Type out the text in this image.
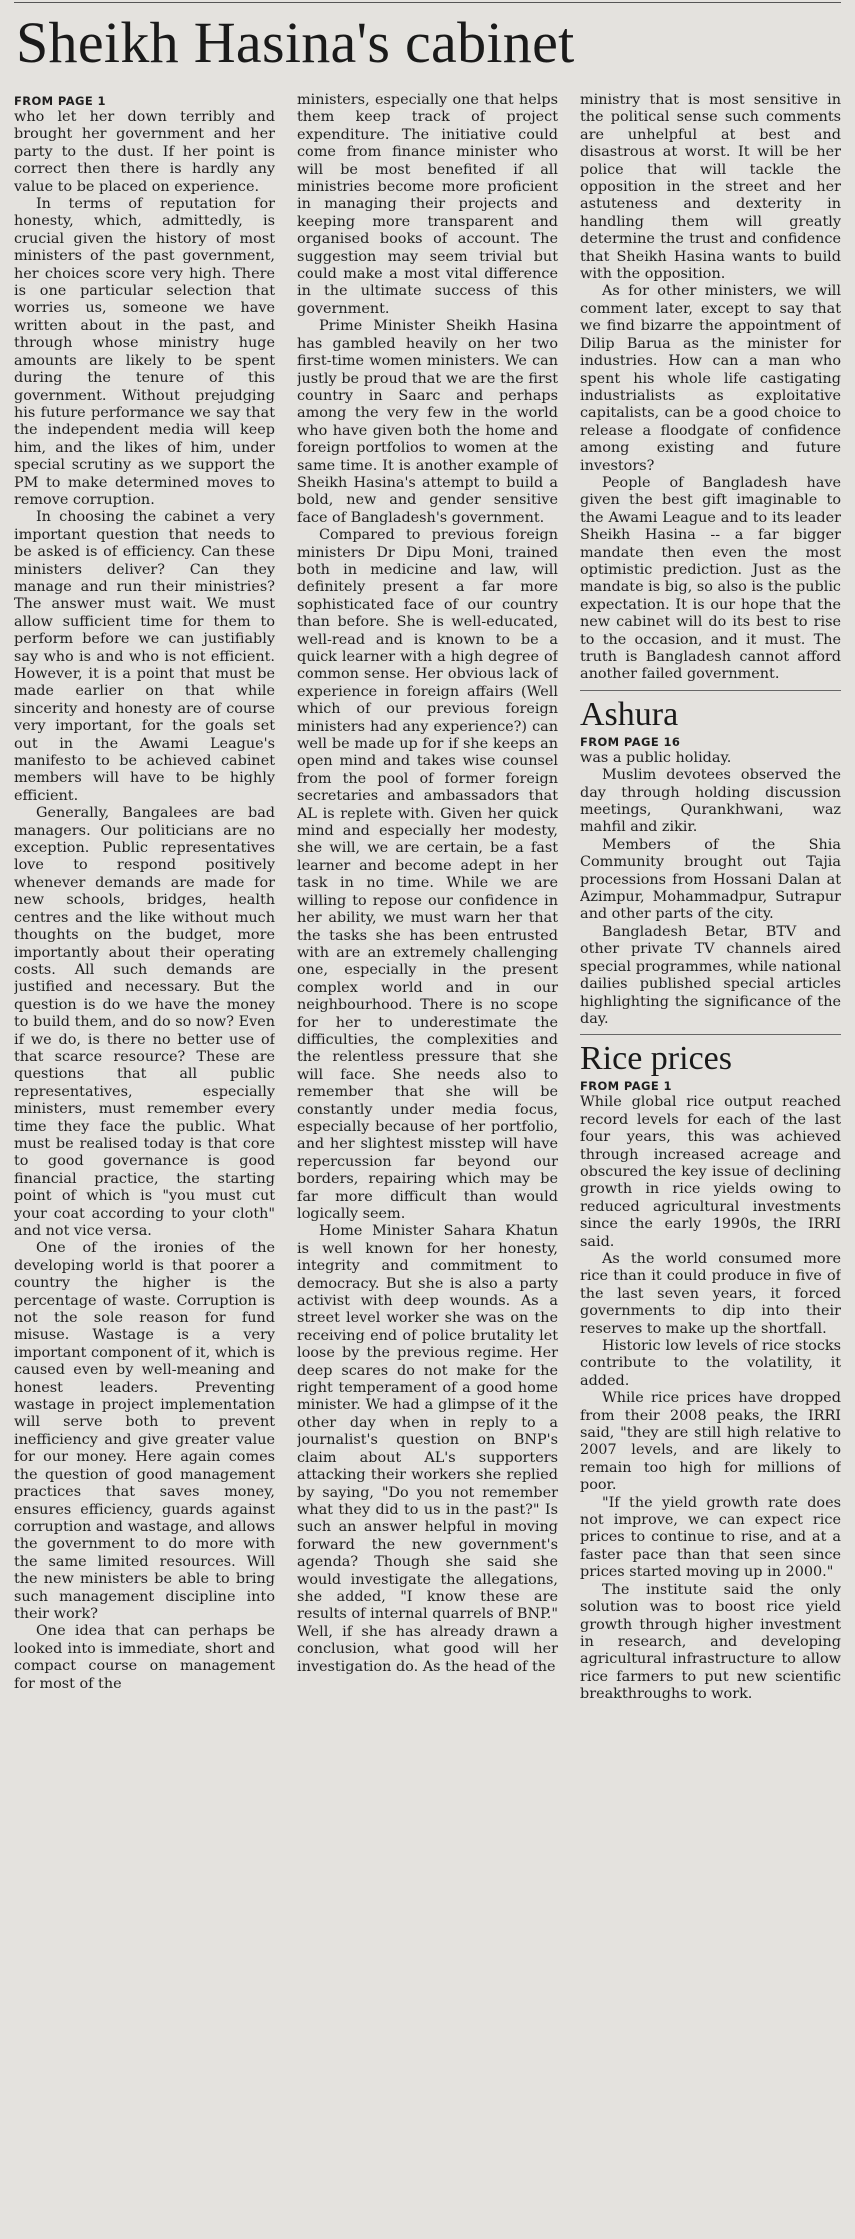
Sheikh Hasina's cabinet
FROM PAGE 1

who let her down terribly and brought her government and her party to the dust. If her point is correct then there is hardly any value to be placed on experience.

In terms of reputation for honesty, which, admittedly, is crucial given the history of most ministers of the past government, her choices score very high. There is one particular selection that worries us, someone we have written about in the past, and through whose ministry huge amounts are likely to be spent during the tenure of this government. Without prejudging his future performance we say that the independent media will keep him, and the likes of him, under special scrutiny as we support the PM to make determined moves to remove corruption.

In choosing the cabinet a very important question that needs to be asked is of efficiency. Can these ministers deliver? Can they manage and run their ministries? The answer must wait. We must allow sufficient time for them to perform before we can justifiably say who is and who is not efficient. However, it is a point that must be made earlier on that while sincerity and honesty are of course very important, for the goals set out in the Awami League's manifesto to be achieved cabinet members will have to be highly efficient.

Generally, Bangalees are bad managers. Our politicians are no exception. Public representatives love to respond positively whenever demands are made for new schools, bridges, health centres and the like without much thoughts on the budget, more importantly about their operating costs. All such demands are justified and necessary. But the question is do we have the money to build them, and do so now? Even if we do, is there no better use of that scarce resource? These are questions that all public representatives, especially ministers, must remember every time they face the public. What must be realised today is that core to good governance is good financial practice, the starting point of which is "you must cut your coat according to your cloth" and not vice versa.

One of the ironies of the developing world is that poorer a country the higher is the percentage of waste. Corruption is not the sole reason for fund misuse. Wastage is a very important component of it, which is caused even by well-meaning and honest leaders. Preventing wastage in project implementation will serve both to prevent inefficiency and give greater value for our money. Here again comes the question of good management practices that saves money, ensures efficiency, guards against corruption and wastage, and allows the government to do more with the same limited resources. Will the new ministers be able to bring such management discipline into their work?

One idea that can perhaps be looked into is immediate, short and compact course on management for most of the

ministers, especially one that helps them keep track of project expenditure. The initiative could come from finance minister who will be most benefited if all ministries become more proficient in managing their projects and keeping more transparent and organised books of account. The suggestion may seem trivial but could make a most vital difference in the ultimate success of this government.

Prime Minister Sheikh Hasina has gambled heavily on her two first-time women ministers. We can justly be proud that we are the first country in Saarc and perhaps among the very few in the world who have given both the home and foreign portfolios to women at the same time. It is another example of Sheikh Hasina's attempt to build a bold, new and gender sensitive face of Bangladesh's government.

Compared to previous foreign ministers Dr Dipu Moni, trained both in medicine and law, will definitely present a far more sophisticated face of our country than before. She is well-educated, well-read and is known to be a quick learner with a high degree of common sense. Her obvious lack of experience in foreign affairs (Well which of our previous foreign ministers had any experience?) can well be made up for if she keeps an open mind and takes wise counsel from the pool of former foreign secretaries and ambassadors that AL is replete with. Given her quick mind and especially her modesty, she will, we are certain, be a fast learner and become adept in her task in no time. While we are willing to repose our confidence in her ability, we must warn her that the tasks she has been entrusted with are an extremely challenging one, especially in the present complex world and in our neighbourhood. There is no scope for her to underestimate the difficulties, the complexities and the relentless pressure that she will face. She needs also to remember that she will be constantly under media focus, especially because of her portfolio, and her slightest misstep will have repercussion far beyond our borders, repairing which may be far more difficult than would logically seem.

Home Minister Sahara Khatun is well known for her honesty, integrity and commitment to democracy. But she is also a party activist with deep wounds. As a street level worker she was on the receiving end of police brutality let loose by the previous regime. Her deep scares do not make for the right temperament of a good home minister. We had a glimpse of it the other day when in reply to a journalist's question on BNP's claim about AL's supporters attacking their workers she replied by saying, "Do you not remember what they did to us in the past?" Is such an answer helpful in moving forward the new government's agenda? Though she said she would investigate the allegations, she added, "I know these are results of internal quarrels of BNP." Well, if she has already drawn a conclusion, what good will her investigation do. As the head of the

ministry that is most sensitive in the political sense such comments are unhelpful at best and disastrous at worst. It will be her police that will tackle the opposition in the street and her astuteness and dexterity in handling them will greatly determine the trust and confidence that Sheikh Hasina wants to build with the opposition.

As for other ministers, we will comment later, except to say that we find bizarre the appointment of Dilip Barua as the minister for industries. How can a man who spent his whole life castigating industrialists as exploitative capitalists, can be a good choice to release a floodgate of confidence among existing and future investors?

People of Bangladesh have given the best gift imaginable to the Awami League and to its leader Sheikh Hasina -- a far bigger mandate then even the most optimistic prediction. Just as the mandate is big, so also is the public expectation. It is our hope that the new cabinet will do its best to rise to the occasion, and it must. The truth is Bangladesh cannot afford another failed government.

Ashura
FROM PAGE 16

was a public holiday.

Muslim devotees observed the day through holding discussion meetings, Qurankhwani, waz mahfil and zikir.

Members of the Shia Community brought out Tajia processions from Hossani Dalan at Azimpur, Mohammadpur, Sutrapur and other parts of the city.

Bangladesh Betar, BTV and other private TV channels aired special programmes, while national dailies published special articles highlighting the significance of the day.

Rice prices
FROM PAGE 1

While global rice output reached record levels for each of the last four years, this was achieved through increased acreage and obscured the key issue of declining growth in rice yields owing to reduced agricultural investments since the early 1990s, the IRRI said.

As the world consumed more rice than it could produce in five of the last seven years, it forced governments to dip into their reserves to make up the shortfall.

Historic low levels of rice stocks contribute to the volatility, it added.

While rice prices have dropped from their 2008 peaks, the IRRI said, "they are still high relative to 2007 levels, and are likely to remain too high for millions of poor.

"If the yield growth rate does not improve, we can expect rice prices to continue to rise, and at a faster pace than that seen since prices started moving up in 2000."

The institute said the only solution was to boost rice yield growth through higher investment in research, and developing agricultural infrastructure to allow rice farmers to put new scientific breakthroughs to work.
